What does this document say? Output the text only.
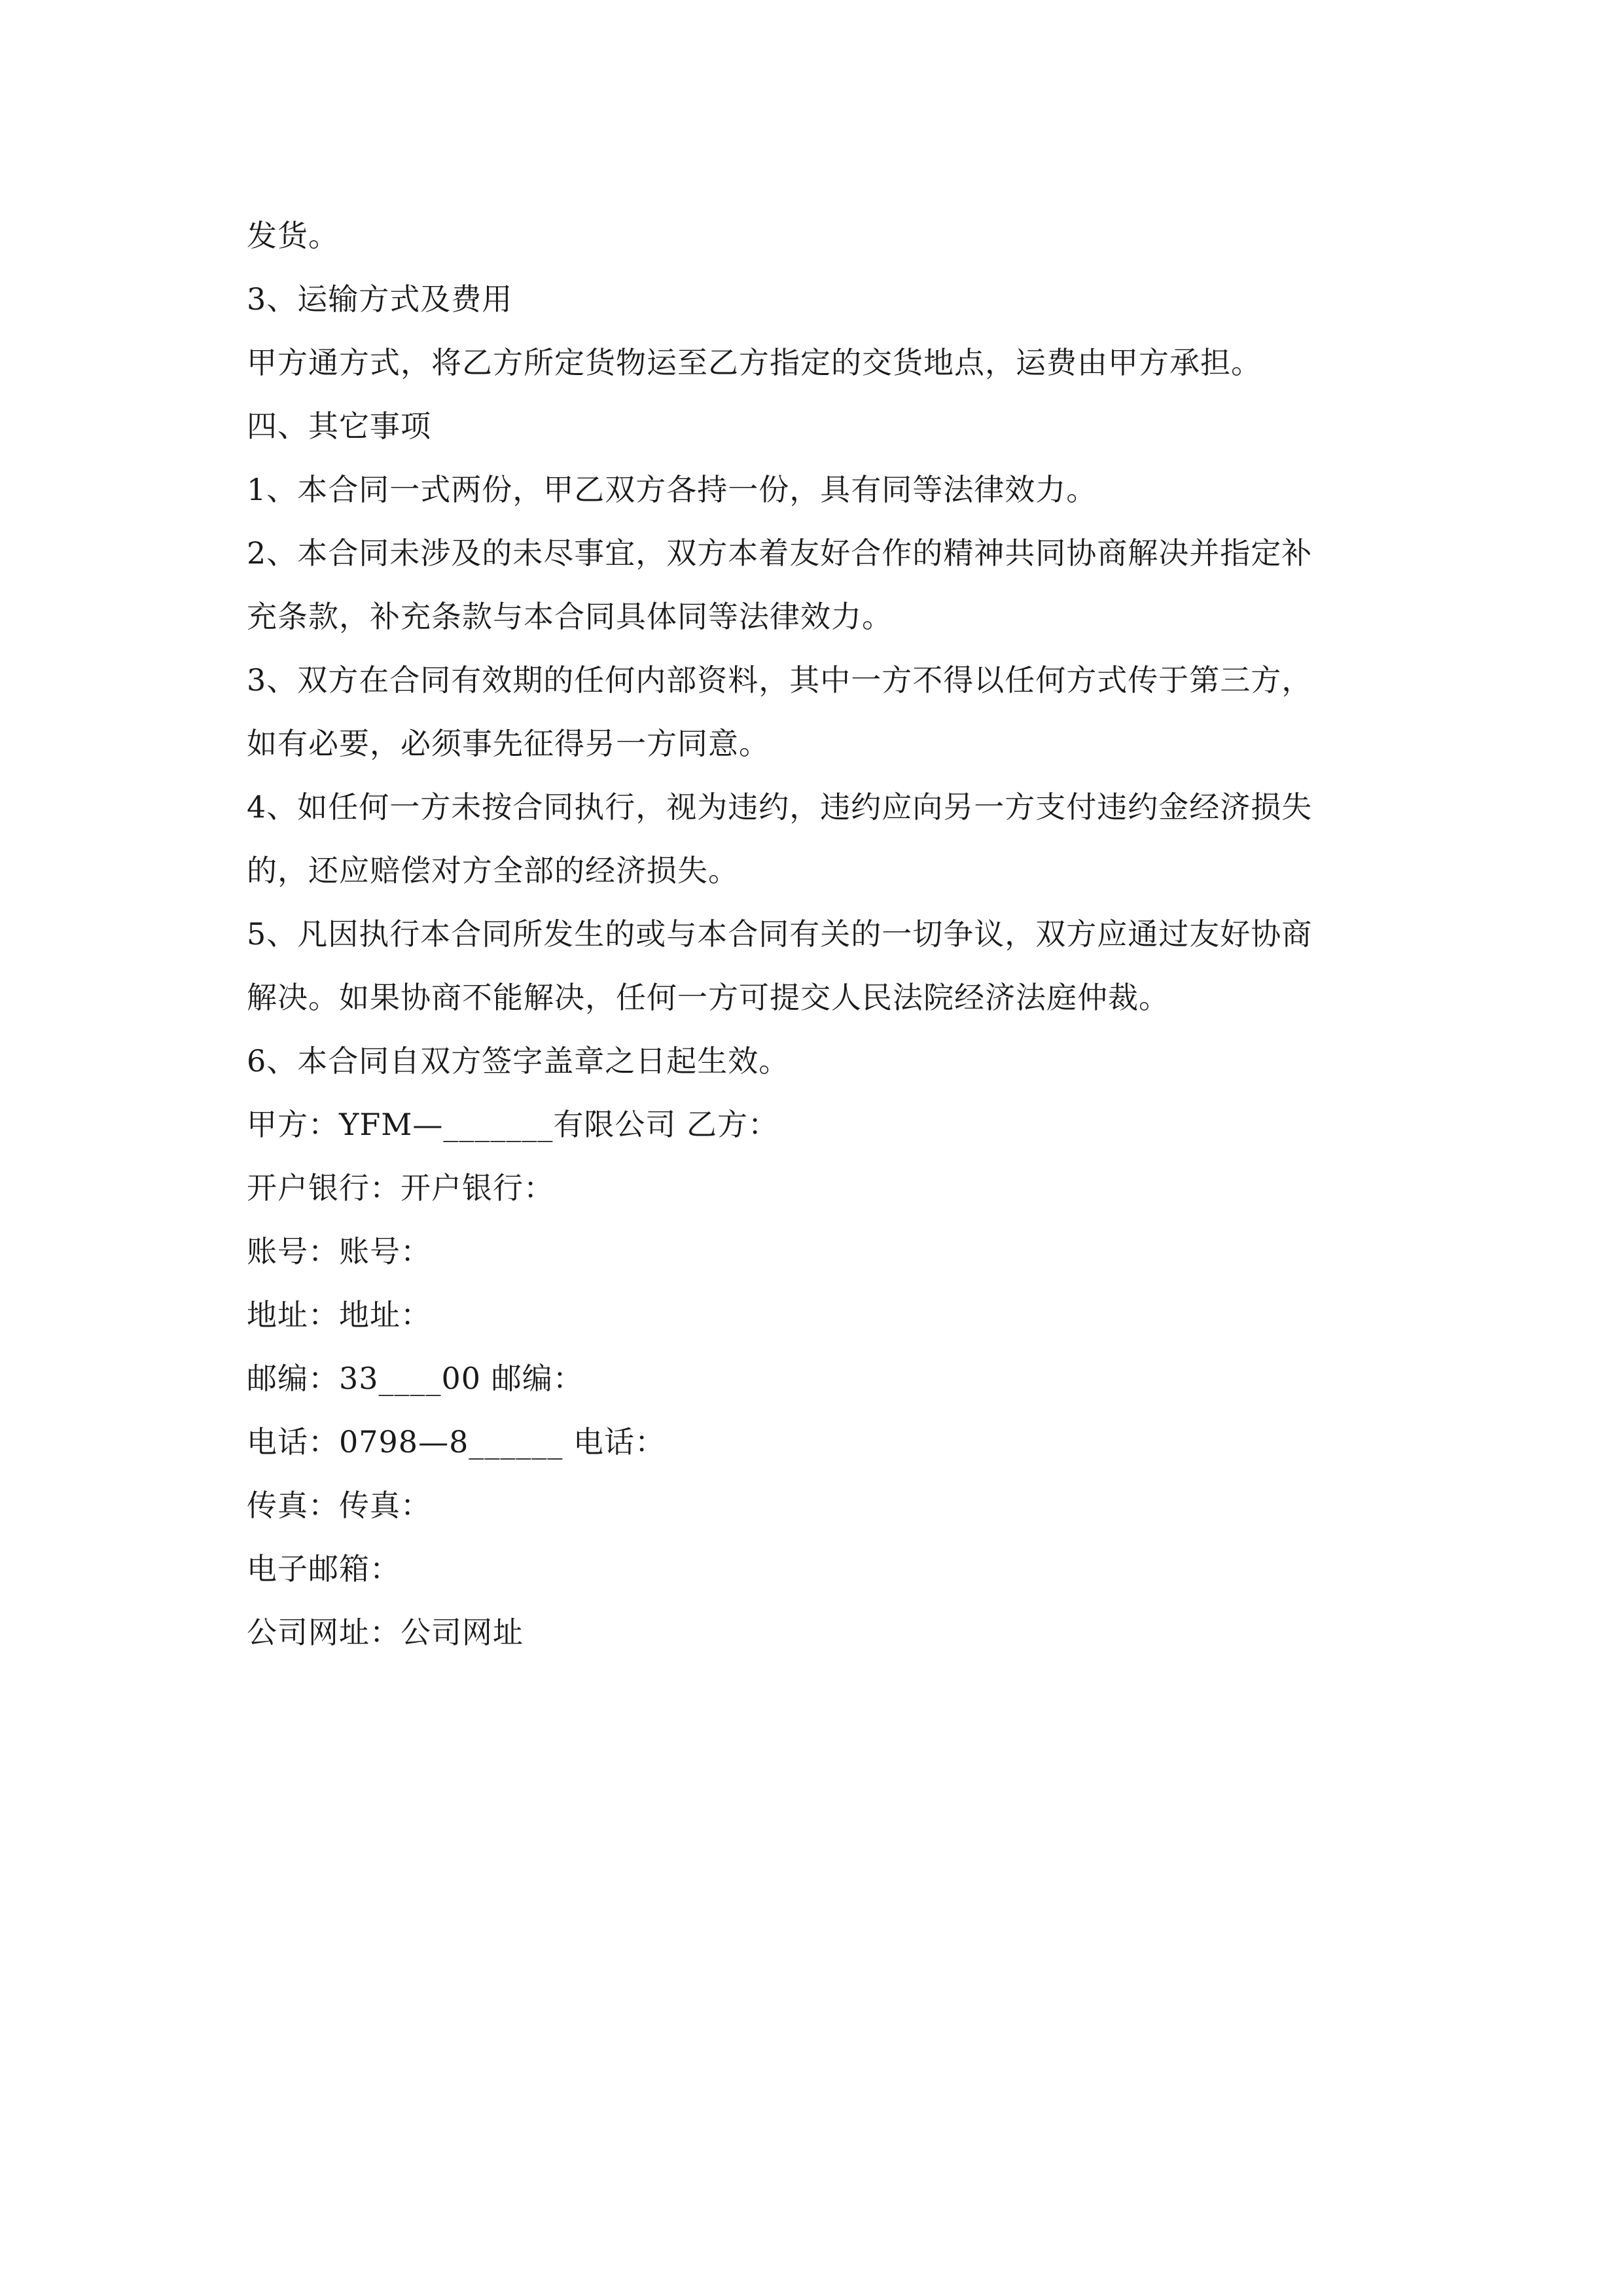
发货。
3、运输方式及费用
甲方通方式，将乙方所定货物运至乙方指定的交货地点，运费由甲方承担。
四、其它事项
1、本合同一式两份，甲乙双方各持一份，具有同等法律效力。
2、本合同未涉及的未尽事宜，双方本着友好合作的精神共同协商解决并指定补
充条款，补充条款与本合同具体同等法律效力。
3、双方在合同有效期的任何内部资料，其中一方不得以任何方式传于第三方，
如有必要，必须事先征得另一方同意。
4、如任何一方未按合同执行，视为违约，违约应向另一方支付违约金经济损失
的，还应赔偿对方全部的经济损失。
5、凡因执行本合同所发生的或与本合同有关的一切争议，双方应通过友好协商
解决。如果协商不能解决，任何一方可提交人民法院经济法庭仲裁。
6、本合同自双方签字盖章之日起生效。
甲方：YFM—_______有限公司 乙方：
开户银行：开户银行：
账号：账号：
地址：地址：
邮编：33____00 邮编：
电话：0798—8______ 电话：
传真：传真：
电子邮箱：
公司网址：公司网址
